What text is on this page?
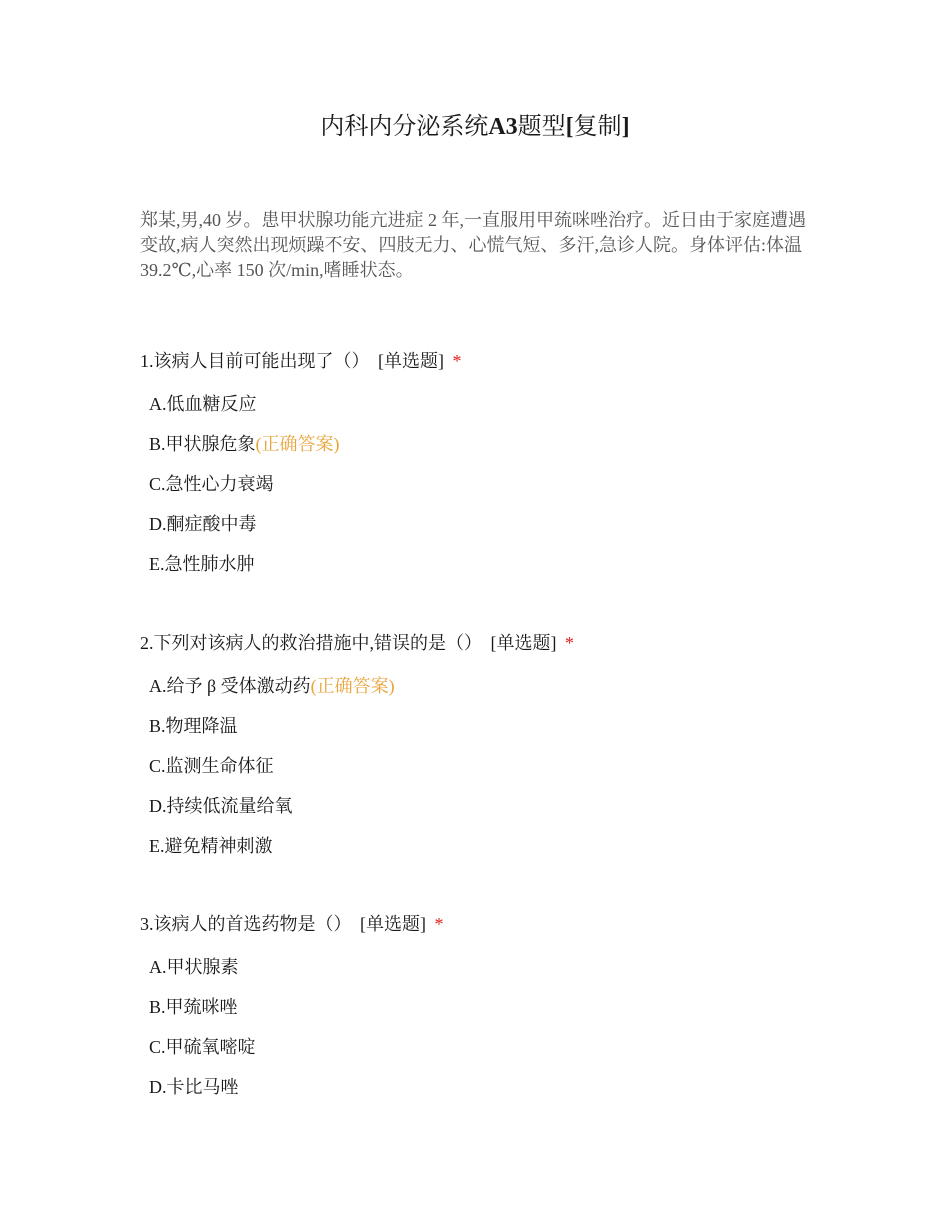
内科内分泌系统A3题型[复制]
郑某,男,40 岁。患甲状腺功能亢进症 2 年,一直服用甲巯咪唑治疗。近日由于家庭遭遇变故,病人突然出现烦躁不安、四肢无力、心慌气短、多汗,急诊人院。身体评估:体温 39.2℃,心率 150 次/min,嗜睡状态。
1.该病人目前可能出现了（） [单选题] *
A.低血糖反应
B.甲状腺危象(正确答案)
C.急性心力衰竭
D.酮症酸中毒
E.急性肺水肿
2.下列对该病人的救治措施中,错误的是（） [单选题] *
A.给予 β 受体激动药(正确答案)
B.物理降温
C.监测生命体征
D.持续低流量给氧
E.避免精神刺激
3.该病人的首选药物是（） [单选题] *
A.甲状腺素
B.甲巯咪唑
C.甲硫氧嘧啶
D.卡比马唑
